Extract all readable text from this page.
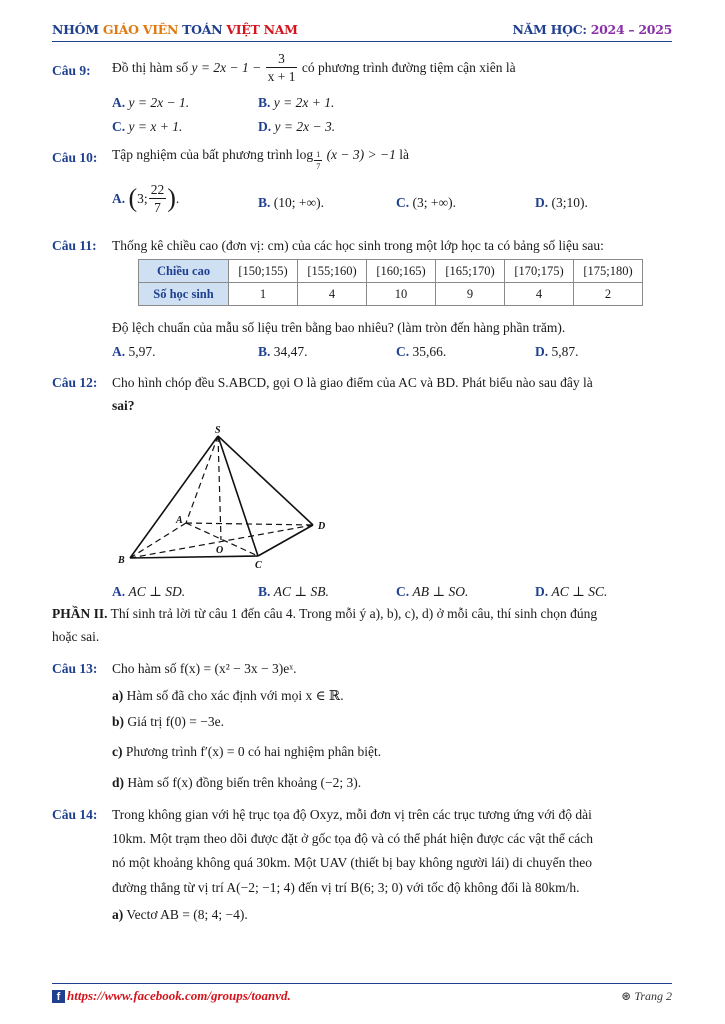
NHÓM GIÁO VIÊN TOÁN VIỆT NAM	NĂM HỌC: 2024 – 2025
Câu 9: Đồ thị hàm số $y = 2x - 1 - \frac{3}{x + 1}$ có phương trình đường tiệm cận xiên là
A. y = 2x − 1.	B. y = 2x + 1.
C. y = x + 1.	D. y = 2x − 3.
Câu 10: Tập nghiệm của bất phương trình $\log \frac{1}{7} (x - 3) > -1$ là
A. (3; $\frac{22}{7}$ ).	B. (10; +∞).	C. (3; +∞).	D. (3;10).
Câu 11: Thống kê chiều cao (đơn vị: cm) của các học sinh trong một lớp học ta có bảng số liệu sau:
Chiều cao	[150;155)	[155;160)	[160;165)	[165;170)	[170;175)	[175;180)
Số học sinh	1	4	10	9	4	2
Độ lệch chuẩn của mẫu số liệu trên bằng bao nhiêu? (làm tròn đến hàng phần trăm).
A. 5,97.	B. 34,47.	C. 35,66.	D. 5,87.
Câu 12: Cho hình chóp đều S.ABCD, gọi O là giao điểm của AC và BD. Phát biểu nào sau đây là
sai?
S
A
B	C
D
O
A. AC ⊥ SD.	B. AC ⊥ SB.	C. AB ⊥ SO.	D. AC ⊥ SC.
PHẦN II. Thí sinh trả lời từ câu 1 đến câu 4. Trong mỗi ý a), b), c), d) ở mỗi câu, thí sinh chọn đúng
hoặc sai.
Câu 13: Cho hàm số f(x) = (x² − 3x − 3)eˣ.
a) Hàm số đã cho xác định với mọi x ∈ ℝ.
b) Giá trị f(0) = −3e.
c) Phương trình f′(x) = 0 có hai nghiệm phân biệt.
d) Hàm số f(x) đồng biến trên khoảng (−2; 3).
Câu 14: Trong không gian với hệ trục tọa độ Oxyz, mỗi đơn vị trên các trục tương ứng với độ dài
10km. Một trạm theo dõi được đặt ở gốc tọa độ và có thể phát hiện được các vật thể cách
nó một khoảng không quá 30km. Một UAV (thiết bị bay không người lái) di chuyển theo
đường thẳng từ vị trí A(−2; −1; 4) đến vị trí B(6; 3; 0) với tốc độ không đổi là 80km/h.
a) Vectơ AB = (8; 4; −4).
f https://www.facebook.com/groups/toanvd.	⊛ Trang 2
